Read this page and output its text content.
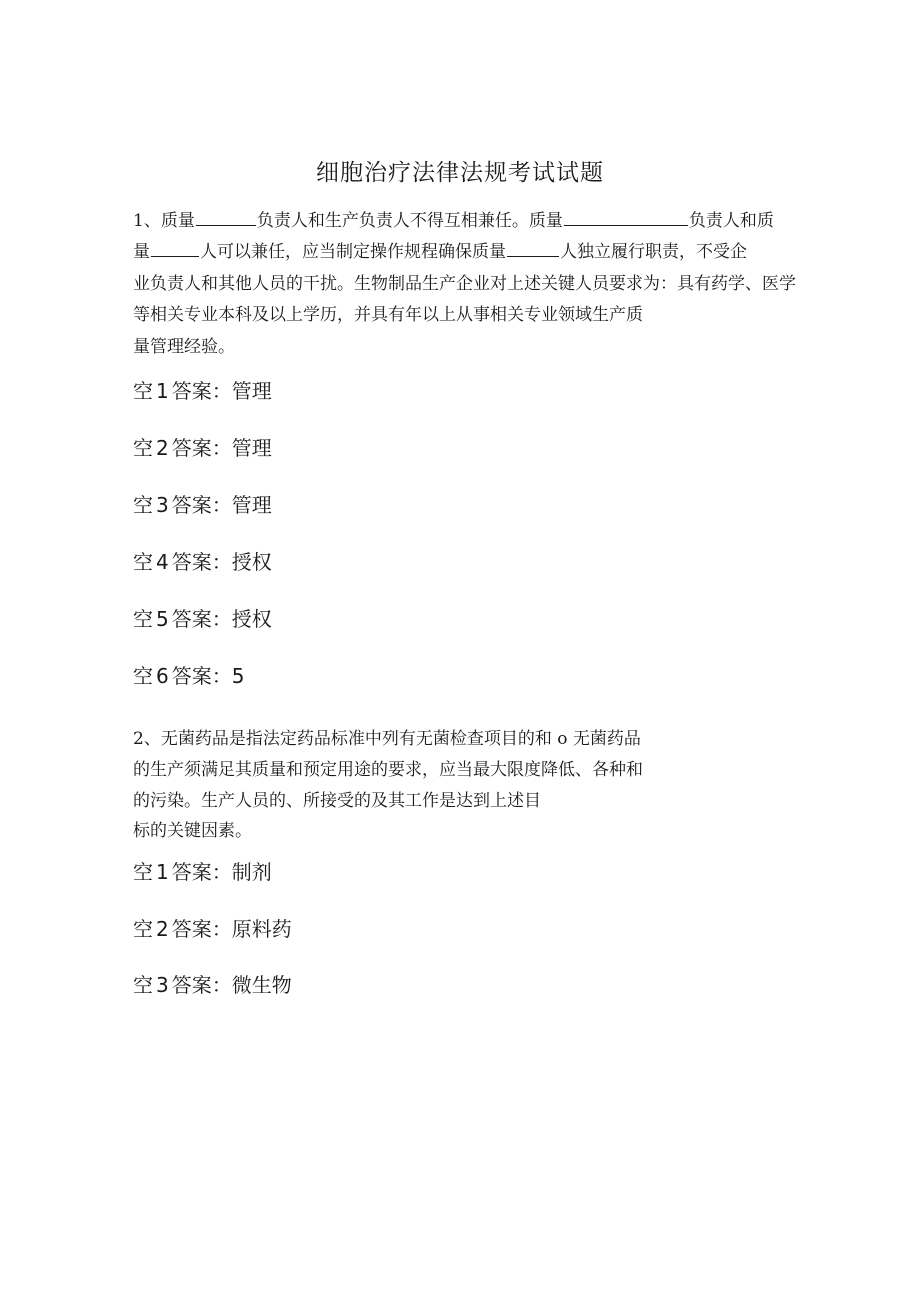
细胞治疗法律法规考试试题
1、质量	负责人和生产负责人不得互相兼任。质量	负责人和质
量	人可以兼任，应当制定操作规程确保质量	人独立履行职责，不受企
业负责人和其他人员的干扰。生物制品生产企业对上述关键人员要求为：具有药学、医学
等相关专业本科及以上学历，并具有年以上从事相关专业领域生产质
量管理经验。
空 1 答案：管理
空 2 答案：管理
空 3 答案：管理
空 4 答案：授权
空 5 答案：授权
空 6 答案：5
2、无菌药品是指法定药品标准中列有无菌检查项目的和 o 无菌药品
的生产须满足其质量和预定用途的要求，应当最大限度降低、各种和
的污染。生产人员的、所接受的及其工作是达到上述目
标的关键因素。
空 1 答案：制剂
空 2 答案：原料药
空 3 答案：微生物
